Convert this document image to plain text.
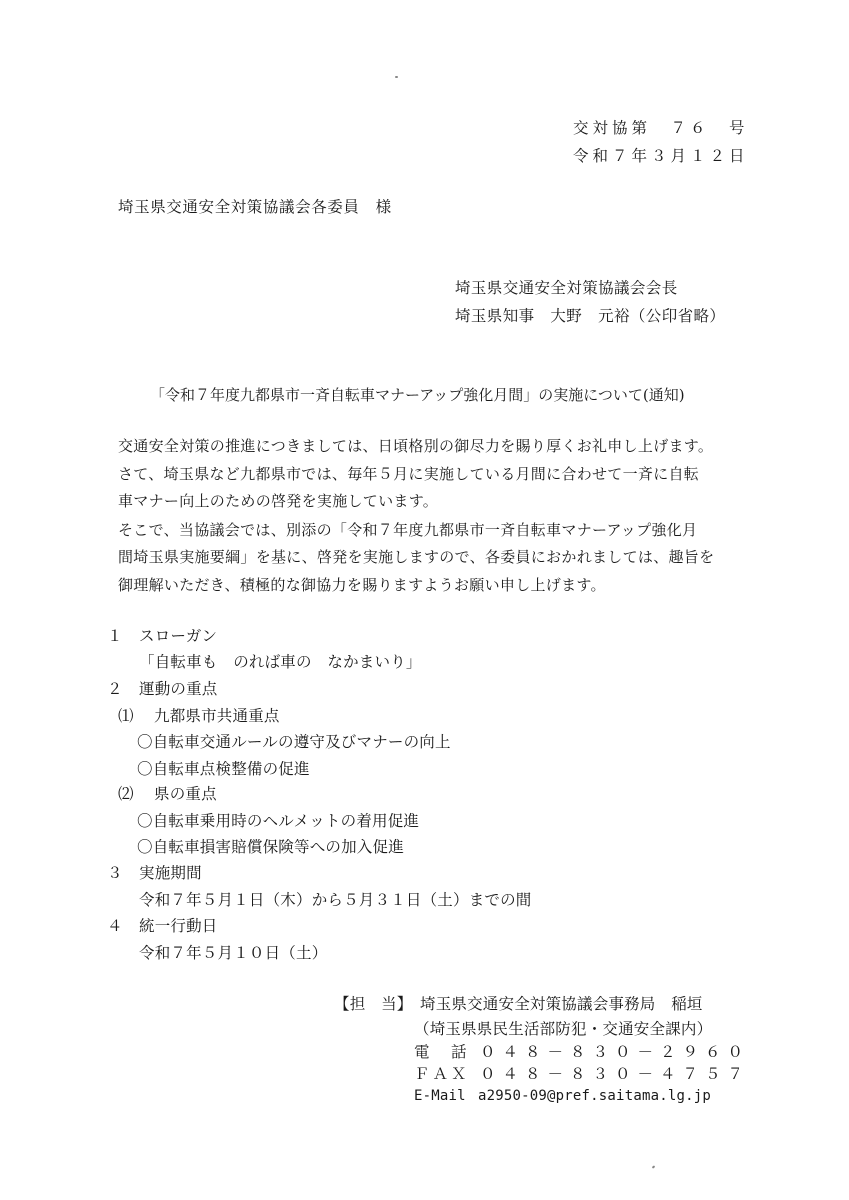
交対協第　７６　号
令和７年３月１２日
埼玉県交通安全対策協議会各委員　様
埼玉県交通安全対策協議会会長
埼玉県知事　大野　元裕（公印省略）
「令和７年度九都県市一斉自転車マナーアップ強化月間」の実施について(通知)
交通安全対策の推進につきましては、日頃格別の御尽力を賜り厚くお礼申し上げます。
さて、埼玉県など九都県市では、毎年５月に実施している月間に合わせて一斉に自転
車マナー向上のための啓発を実施しています。
そこで、当協議会では、別添の「令和７年度九都県市一斉自転車マナーアップ強化月
間埼玉県実施要綱」を基に、啓発を実施しますので、各委員におかれましては、趣旨を
御理解いただき、積極的な御協力を賜りますようお願い申し上げます。
１ スローガン
「自転車も　のれば車の　なかまいり」
２ 運動の重点
⑴ 九都県市共通重点
〇自転車交通ルールの遵守及びマナーの向上
〇自転車点検整備の促進
⑵ 県の重点
〇自転車乗用時のヘルメットの着用促進
〇自転車損害賠償保険等への加入促進
３ 実施期間
令和７年５月１日（木）から５月３１日（土）までの間
４ 統一行動日
令和７年５月１０日（土）
【担　当】 埼玉県交通安全対策協議会事務局　稲垣
（埼玉県県民生活部防犯・交通安全課内）
電　話 ０４８－８３０－２９６０
ＦＡＸ ０４８－８３０－４７５７
E-Mail a2950-09@pref.saitama.lg.jp
